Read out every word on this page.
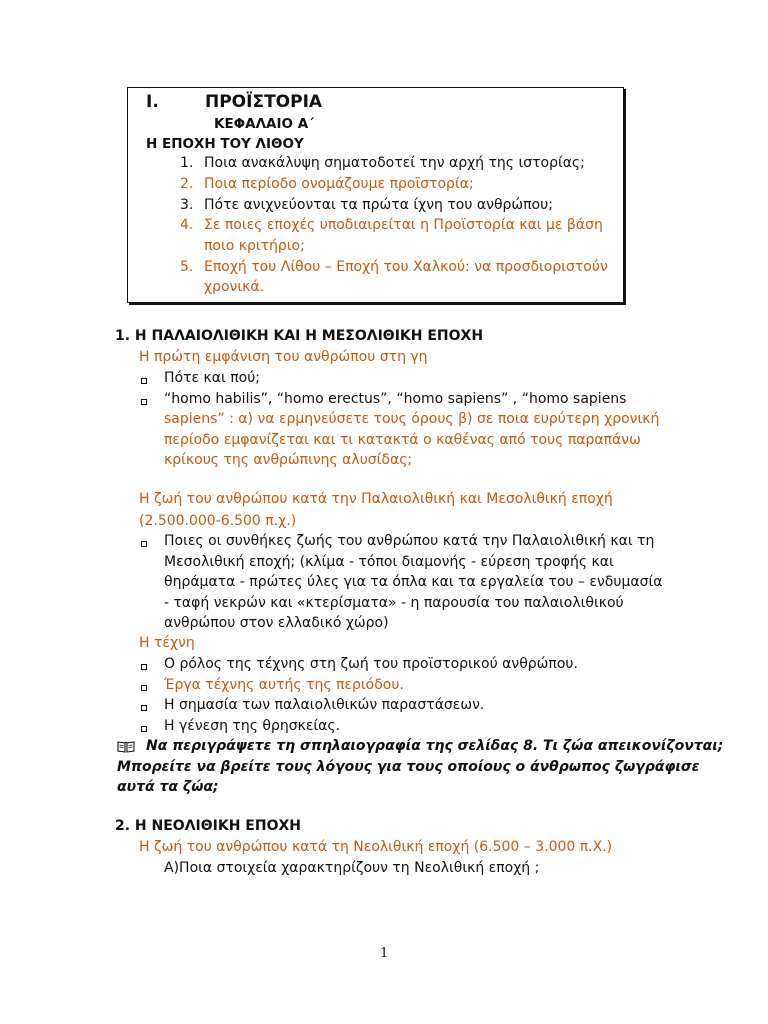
I.	ΠΡΟΪΣΤΟΡΙΑ
ΚΕΦΑΛΑΙΟ Α΄
Η ΕΠΟΧΗ ΤΟΥ ΛΙΘΟΥ
1. Ποια ανακάλυψη σηματοδοτεί την αρχή της ιστορίας;
2. Ποια περίοδο ονομάζουμε προϊστορία;
3. Πότε ανιχνεύονται τα πρώτα ίχνη του ανθρώπου;
4. Σε ποιες εποχές υποδιαιρείται η Προϊστορία και με βάση
ποιο κριτήριο;
5. Εποχή του Λίθου – Εποχή του Χαλκού: να προσδιοριστούν
χρονικά.
1. Η ΠΑΛΑΙΟΛΙΘΙΚΗ ΚΑΙ Η ΜΕΣΟΛΙΘΙΚΗ ΕΠΟΧΗ
Η πρώτη εμφάνιση του ανθρώπου στη γη
Πότε και πού;
“homo habilis”, “homo erectus”, “homo sapiens” , “homo sapiens
sapiens” : α) να ερμηνεύσετε τους όρους β) σε ποια ευρύτερη χρονική
περίοδο εμφανίζεται και τι κατακτά ο καθένας από τους παραπάνω
κρίκους της ανθρώπινης αλυσίδας;
Η ζωή του ανθρώπου κατά την Παλαιολιθική και Μεσολιθική εποχή
(2.500.000-6.500 π.χ.)
Ποιες οι συνθήκες ζωής του ανθρώπου κατά την Παλαιολιθική και τη
Μεσολιθική εποχή; (κλίμα - τόποι διαμονής - εύρεση τροφής και
θηράματα - πρώτες ύλες για τα όπλα και τα εργαλεία του – ενδυμασία
- ταφή νεκρών και «κτερίσματα» - η παρουσία του παλαιολιθικού
ανθρώπου στον ελλαδικό χώρο)
Η τέχνη
Ο ρόλος της τέχνης στη ζωή του προϊστορικού ανθρώπου.
Έργα τέχνης αυτής της περιόδου.
Η σημασία των παλαιολιθικών παραστάσεων.
Η γένεση της θρησκείας.
Να περιγράψετε τη σπηλαιογραφία της σελίδας 8. Τι ζώα απεικονίζονται;
Μπορείτε να βρείτε τους λόγους για τους οποίους ο άνθρωπος ζωγράφισε
αυτά τα ζώα;
2. Η ΝΕΟΛΙΘΙΚΗ ΕΠΟΧΗ
Η ζωή του ανθρώπου κατά τη Νεολιθική εποχή (6.500 – 3.000 π.Χ.)
Α)Ποια στοιχεία χαρακτηρίζουν τη Νεολιθική εποχή ;
1
